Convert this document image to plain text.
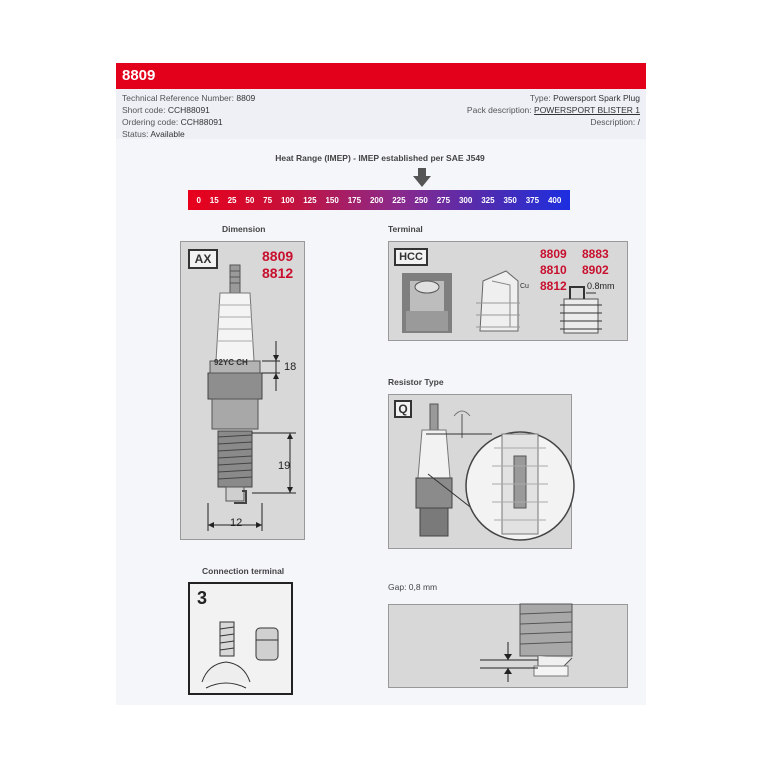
8809
Technical Reference Number: 8809
Short code: CCH88091
Ordering code: CCH88091
Status: Available
Type: Powersport Spark Plug
Pack description: POWERSPORT BLISTER 1
Description: /
Heat Range (IMEP) - IMEP established per SAE J549
0 15 25 50 75 100 125 150 175 200 225 250 275 300 325 350 375 400
Dimension
AX	8809
8812
92YC CH	18
19
12
Terminal
HCC	8809 8883
8810 8902
8812
Cu	0.8mm
Resistor Type
Q
Connection terminal
3
Gap: 0,8 mm
